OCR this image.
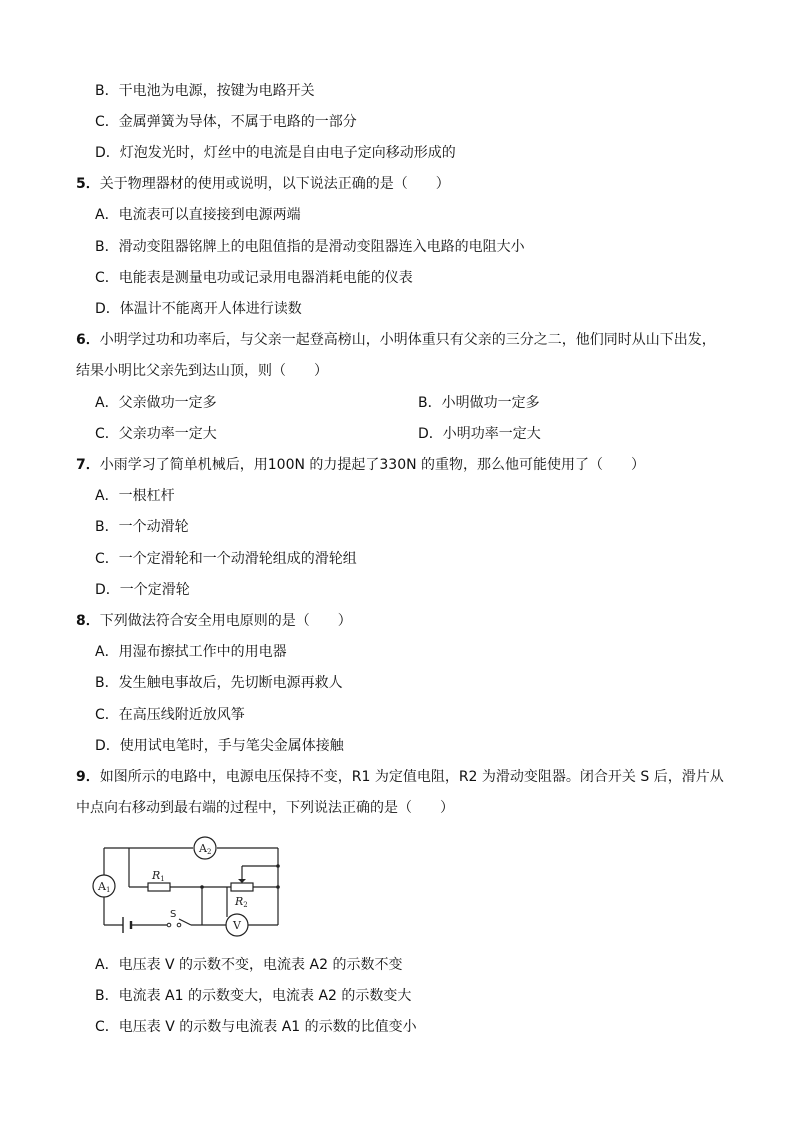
B．干电池为电源，按键为电路开关
C．金属弹簧为导体，不属于电路的一部分
D．灯泡发光时，灯丝中的电流是自由电子定向移动形成的
5．关于物理器材的使用或说明，以下说法正确的是（　　）
A．电流表可以直接接到电源两端
B．滑动变阻器铭牌上的电阻值指的是滑动变阻器连入电路的电阻大小
C．电能表是测量电功或记录用电器消耗电能的仪表
D．体温计不能离开人体进行读数
6．小明学过功和功率后，与父亲一起登高榜山，小明体重只有父亲的三分之二，他们同时从山下出发，
结果小明比父亲先到达山顶，则（　　）
A．父亲做功一定多	B．小明做功一定多
C．父亲功率一定大	D．小明功率一定大
7．小雨学习了简单机械后，用100N 的力提起了330N 的重物，那么他可能使用了（　　）
A．一根杠杆
B．一个动滑轮
C．一个定滑轮和一个动滑轮组成的滑轮组
D．一个定滑轮
8．下列做法符合安全用电原则的是（　　）
A．用湿布擦拭工作中的用电器
B．发生触电事故后，先切断电源再救人
C．在高压线附近放风筝
D．使用试电笔时，手与笔尖金属体接触
9．如图所示的电路中，电源电压保持不变，R1 为定值电阻，R2 为滑动变阻器。闭合开关 S 后，滑片从
中点向右移动到最右端的过程中，下列说法正确的是（　　）
A2
A1
R1
R2
S
V
A．电压表 V 的示数不变，电流表 A2 的示数不变
B．电流表 A1 的示数变大，电流表 A2 的示数变大
C．电压表 V 的示数与电流表 A1 的示数的比值变小
